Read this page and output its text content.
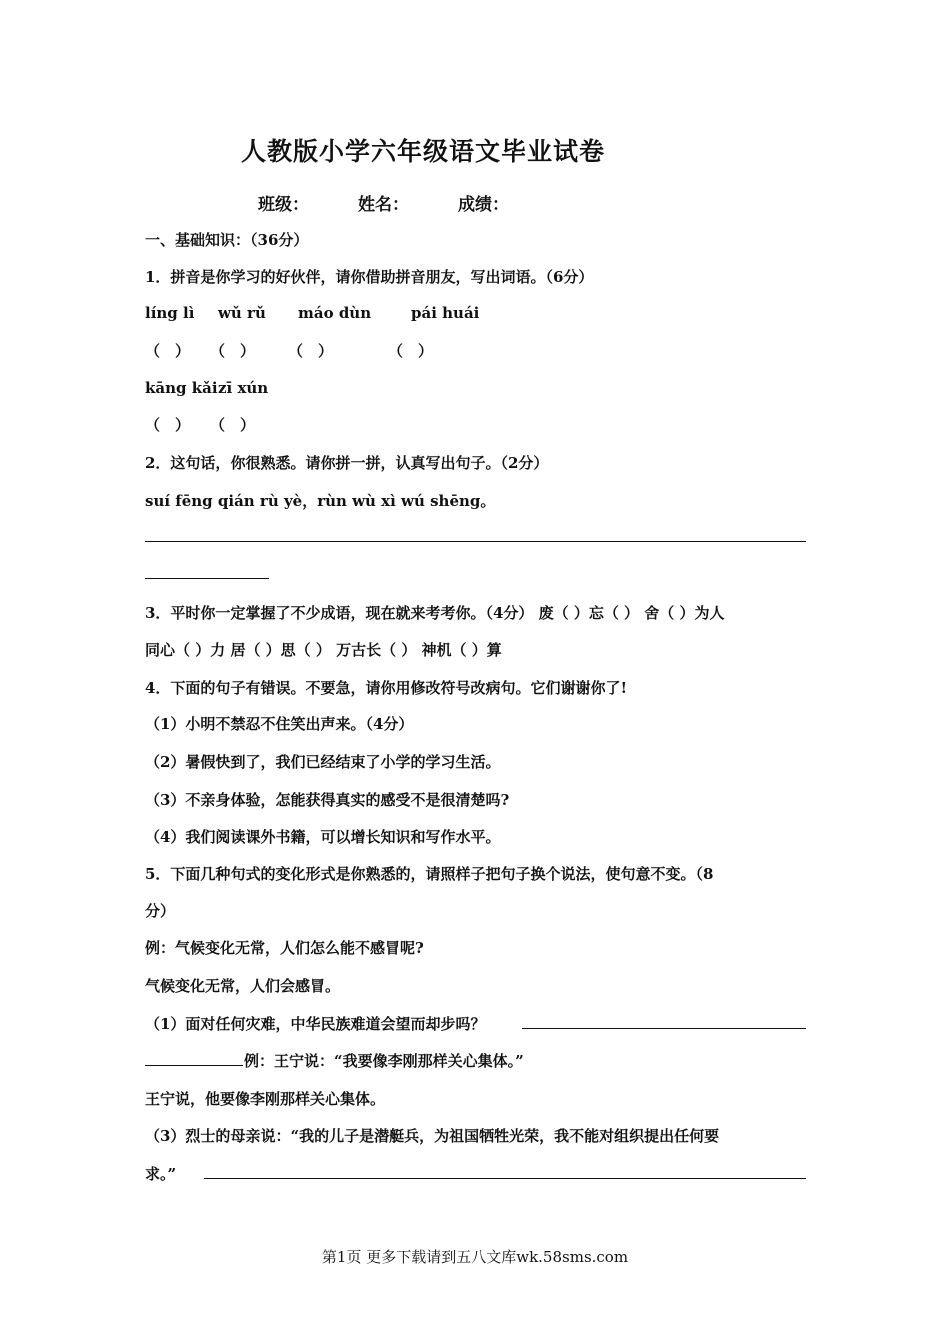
人教版小学六年级语文毕业试卷
班级：	姓名：	成绩：
一、基础知识：（36分）
1．拼音是你学习的好伙伴，请你借助拼音朋友，写出词语。（6分）
líng lì wǔ rǔ máo dùn	pái huái
（　） （　） （　）	（　）
kāng kǎi zī xún
（　） （　）
2．这句话，你很熟悉。请你拼一拼，认真写出句子。（2分）
suí fēng qián rù yè，rùn wù xì wú shēng。
3．平时你一定掌握了不少成语，现在就来考考你。（4分） 废（ ）忘（ ） 舍（ ）为人
同心（ ）力 居（ ）思（ ） 万古长（ ） 神机（ ）算
4．下面的句子有错误。不要急，请你用修改符号改病句。它们谢谢你了!
（1）小明不禁忍不住笑出声来。（4分）
（2）暑假快到了，我们已经结束了小学的学习生活。
（3）不亲身体验，怎能获得真实的感受不是很清楚吗?
（4）我们阅读课外书籍，可以增长知识和写作水平。
5．下面几种句式的变化形式是你熟悉的，请照样子把句子换个说法，使句意不变。（8
分）
例：气候变化无常，人们怎么能不感冒呢?
气候变化无常，人们会感冒。
（1）面对任何灾难，中华民族难道会望而却步吗？
例：王宁说：“我要像李刚那样关心集体。”
王宁说，他要像李刚那样关心集体。
（3）烈士的母亲说：“我的儿子是潜艇兵，为祖国牺牲光荣，我不能对组织提出任何要
求。”
第1页 更多下载请到五八文库wk.58sms.com
